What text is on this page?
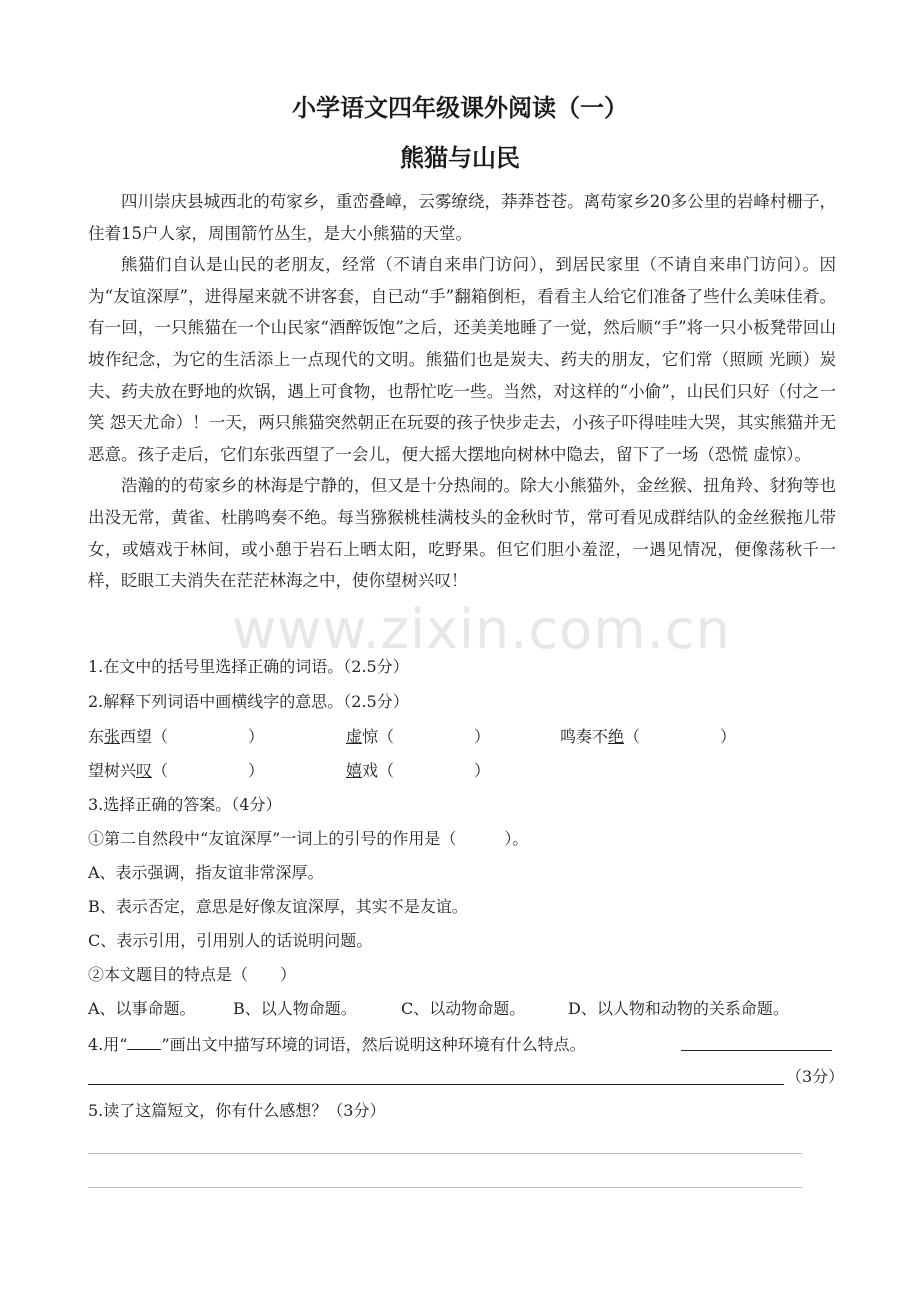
小学语文四年级课外阅读（一）
熊猫与山民

四川崇庆县城西北的苟家乡，重峦叠嶂，云雾缭绕，莽莽苍苍。离苟家乡20多公里的岩峰村栅子，住着15户人家，周围箭竹丛生，是大小熊猫的天堂。

熊猫们自认是山民的老朋友，经常（不请自来串门访问），到居民家里（不请自来串门访问）。因为“友谊深厚”，进得屋来就不讲客套，自已动“手”翻箱倒柜，看看主人给它们准备了些什么美味佳肴。有一回，一只熊猫在一个山民家“酒醉饭饱”之后，还美美地睡了一觉，然后顺“手”将一只小板凳带回山坡作纪念，为它的生活添上一点现代的文明。熊猫们也是炭夫、药夫的朋友，它们常（照顾 光顾）炭夫、药夫放在野地的炊锅，遇上可食物，也帮忙吃一些。当然，对这样的“小偷”，山民们只好（付之一笑 怨天尤命）！一天，两只熊猫突然朝正在玩耍的孩子快步走去，小孩子吓得哇哇大哭，其实熊猫并无恶意。孩子走后，它们东张西望了一会儿，便大摇大摆地向树林中隐去，留下了一场（恐慌 虚惊）。

浩瀚的的苟家乡的林海是宁静的，但又是十分热闹的。除大小熊猫外，金丝猴、扭角羚、豺狗等也出没无常，黄雀、杜鹃鸣奏不绝。每当猕猴桃桂满枝头的金秋时节，常可看见成群结队的金丝猴拖儿带女，或嬉戏于林间，或小憩于岩石上晒太阳，吃野果。但它们胆小羞涩，一遇见情况，便像荡秋千一样，眨眼工夫消失在茫茫林海之中，使你望树兴叹！

www.zixin.com.cn
1.在文中的括号里选择正确的词语。（2.5分）
2.解释下列词语中画横线字的意思。（2.5分）
东张西望（　　　　　）	虚惊（　　　　　）	鸣奏不绝（　　　　　）
望树兴叹（　　　　　）	嬉戏（　　　　　）
3.选择正确的答案。（4分）
①第二自然段中“友谊深厚”一词上的引号的作用是（　　　）。
A、表示强调，指友谊非常深厚。
B、表示否定，意思是好像友谊深厚，其实不是友谊。
C、表示引用，引用别人的话说明问题。
②本文题目的特点是（　　）
A、以事命题。 B、以人物命题。	C、以动物命题。	D、以人物和动物的关系命题。
4.用“ ”画出文中描写环境的词语，然后说明这种环境有什么特点。
（3分）
5.读了这篇短文，你有什么感想？（3分）
